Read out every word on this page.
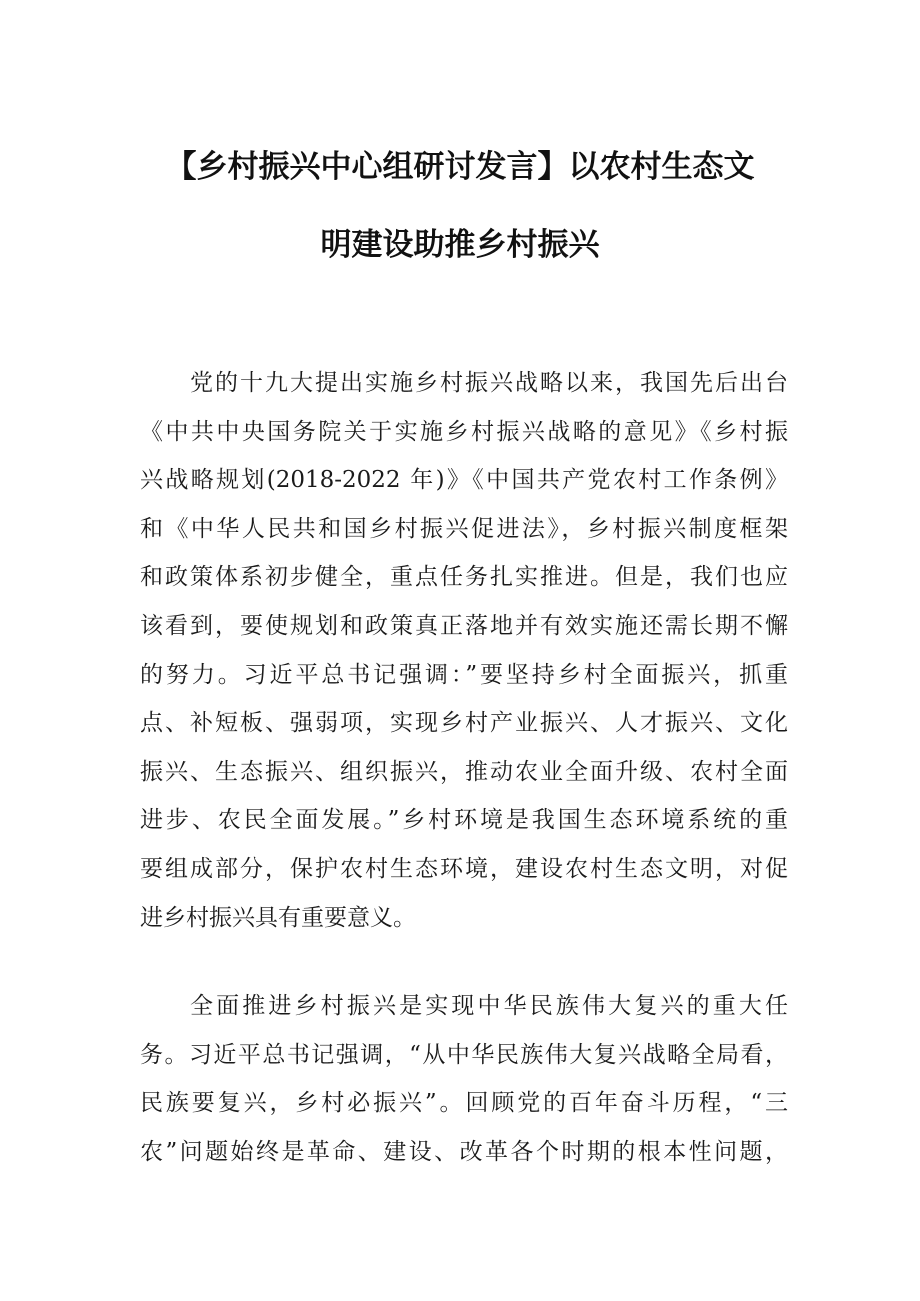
【乡村振兴中心组研讨发言】以农村生态文
明建设助推乡村振兴
党的十九大提出实施乡村振兴战略以来，我国先后出台
《中共中央国务院关于实施乡村振兴战略的意见》《乡村振
兴战略规划(2018-2022 年)》《中国共产党农村工作条例》
和《中华人民共和国乡村振兴促进法》，乡村振兴制度框架
和政策体系初步健全，重点任务扎实推进。但是，我们也应
该看到，要使规划和政策真正落地并有效实施还需长期不懈
的努力。习近平总书记强调：”要坚持乡村全面振兴，抓重
点、补短板、强弱项，实现乡村产业振兴、人才振兴、文化
振兴、生态振兴、组织振兴，推动农业全面升级、农村全面
进步、农民全面发展。”乡村环境是我国生态环境系统的重
要组成部分，保护农村生态环境，建设农村生态文明，对促
进乡村振兴具有重要意义。
全面推进乡村振兴是实现中华民族伟大复兴的重大任
务。习近平总书记强调，“从中华民族伟大复兴战略全局看，
民族要复兴，乡村必振兴”。回顾党的百年奋斗历程，“三
农”问题始终是革命、建设、改革各个时期的根本性问题，
